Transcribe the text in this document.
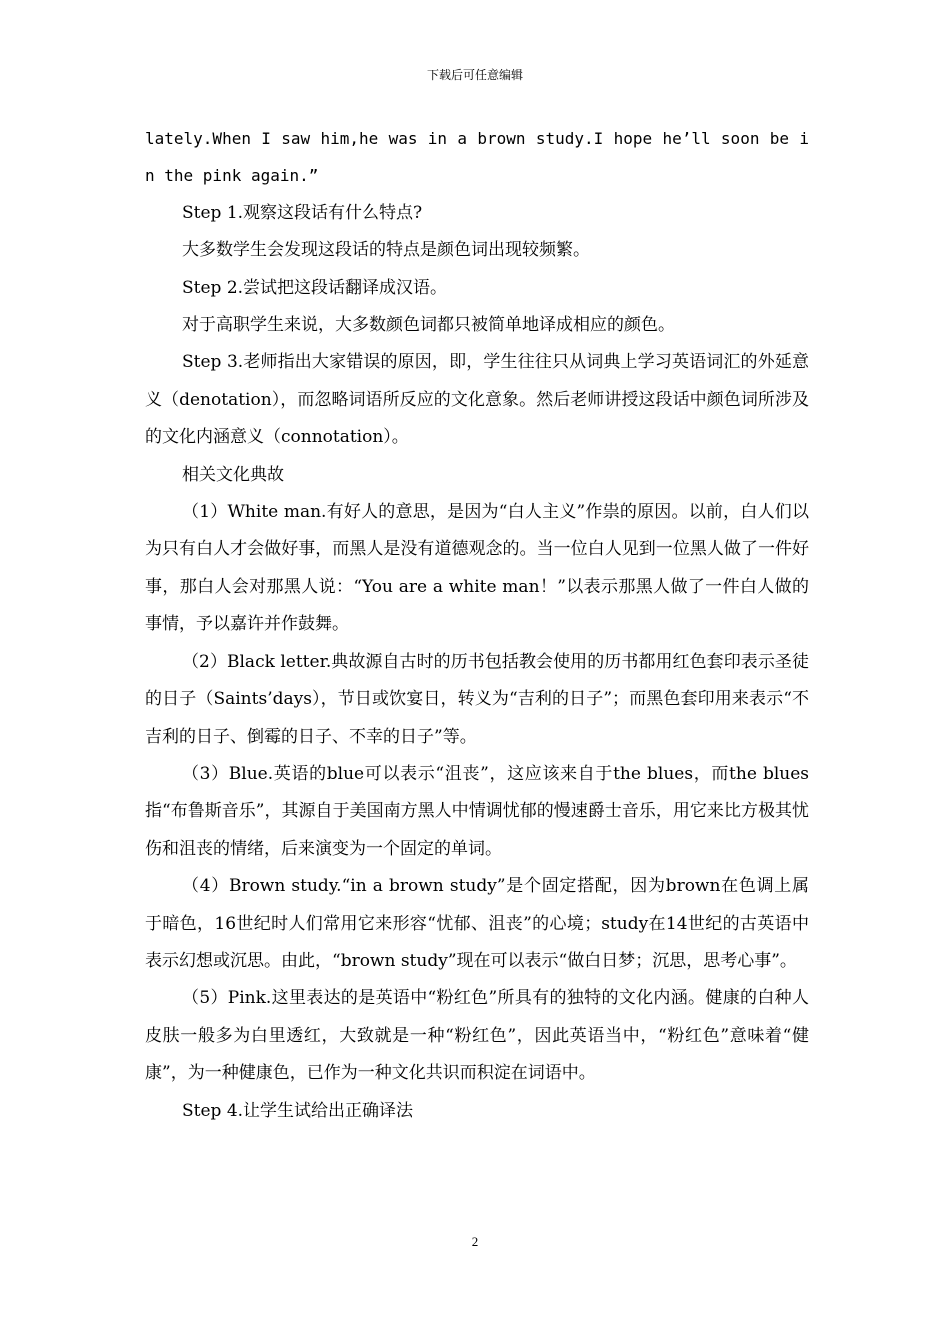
下载后可任意编辑

lately.When I saw him,he was in a brown study.I hope he’ll soon be in the pink again.”

Step 1.观察这段话有什么特点?

大多数学生会发现这段话的特点是颜色词出现较频繁。

Step 2.尝试把这段话翻译成汉语。

对于高职学生来说，大多数颜色词都只被简单地译成相应的颜色。

Step 3.老师指出大家错误的原因，即，学生往往只从词典上学习英语词汇的外延意义（denotation），而忽略词语所反应的文化意象。然后老师讲授这段话中颜色词所涉及的文化内涵意义（connotation）。

相关文化典故

（1）White man.有好人的意思，是因为“白人主义”作祟的原因。以前，白人们以为只有白人才会做好事，而黑人是没有道德观念的。当一位白人见到一位黑人做了一件好事，那白人会对那黑人说：“You are a white man！”以表示那黑人做了一件白人做的事情，予以嘉许并作鼓舞。

（2）Black letter.典故源自古时的历书包括教会使用的历书都用红色套印表示圣徒的日子（Saints’days），节日或饮宴日，转义为“吉利的日子”；而黑色套印用来表示“不吉利的日子、倒霉的日子、不幸的日子”等。

（3）Blue.英语的blue可以表示“沮丧”，这应该来自于the blues，而the blues指“布鲁斯音乐”，其源自于美国南方黑人中情调忧郁的慢速爵士音乐，用它来比方极其忧伤和沮丧的情绪，后来演变为一个固定的单词。

（4）Brown study.“in a brown study”是个固定搭配，因为brown在色调上属于暗色，16世纪时人们常用它来形容“忧郁、沮丧”的心境；study在14世纪的古英语中表示幻想或沉思。由此，“brown study”现在可以表示“做白日梦；沉思，思考心事”。

（5）Pink.这里表达的是英语中“粉红色”所具有的独特的文化内涵。健康的白种人皮肤一般多为白里透红，大致就是一种“粉红色”，因此英语当中，“粉红色”意味着“健康”，为一种健康色，已作为一种文化共识而积淀在词语中。

Step 4.让学生试给出正确译法

2
